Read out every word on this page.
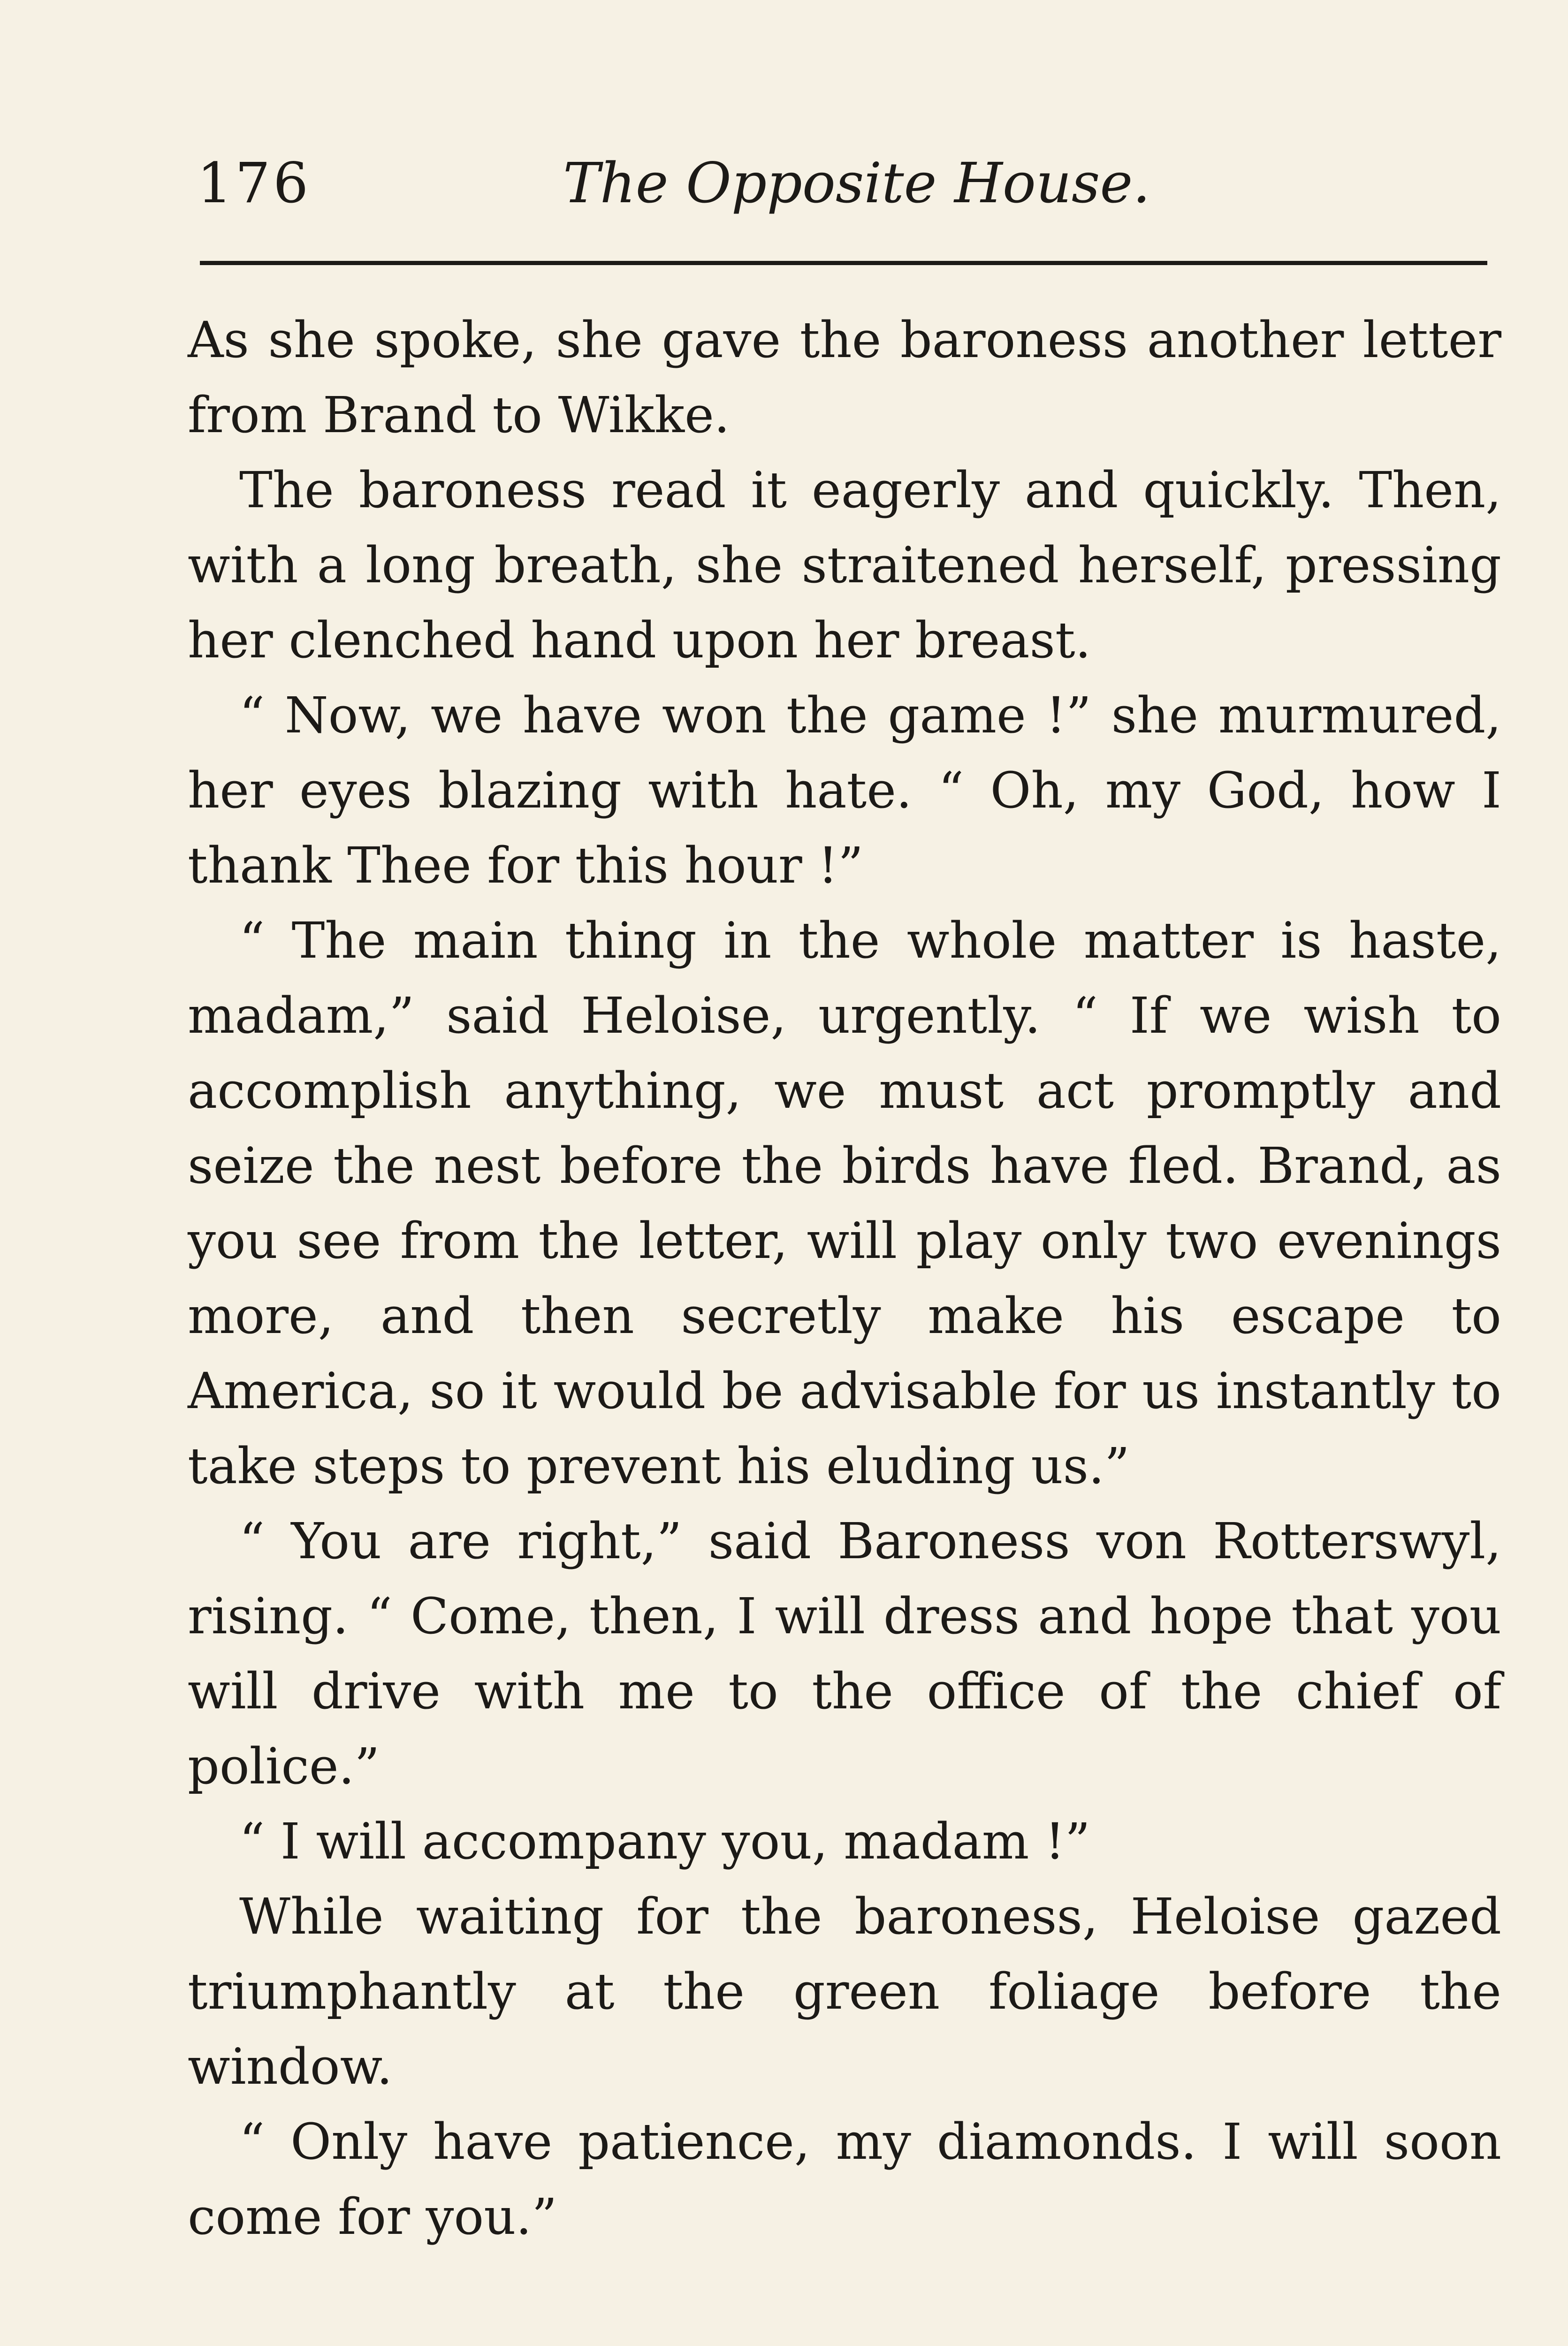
176	The Opposite House.

As she spoke, she gave the baroness another letter from Brand to Wikke.

The baroness read it eagerly and quickly. Then, with a long breath, she straitened herself, pressing her clenched hand upon her breast.

“ Now, we have won the game !” she murmured, her eyes blazing with hate. “ Oh, my God, how I thank Thee for this hour !”

“ The main thing in the whole matter is haste, madam,” said Heloise, urgently. “ If we wish to accomplish anything, we must act promptly and seize the nest before the birds have fled. Brand, as you see from the letter, will play only two evenings more, and then secretly make his escape to America, so it would be advisable for us instantly to take steps to prevent his eluding us.”

“ You are right,” said Baroness von Rotterswyl, rising. “ Come, then, I will dress and hope that you will drive with me to the office of the chief of police.”

“ I will accompany you, madam !”

While waiting for the baroness, Heloise gazed triumphantly at the green foliage before the window.

“ Only have patience, my diamonds. I will soon come for you.”
